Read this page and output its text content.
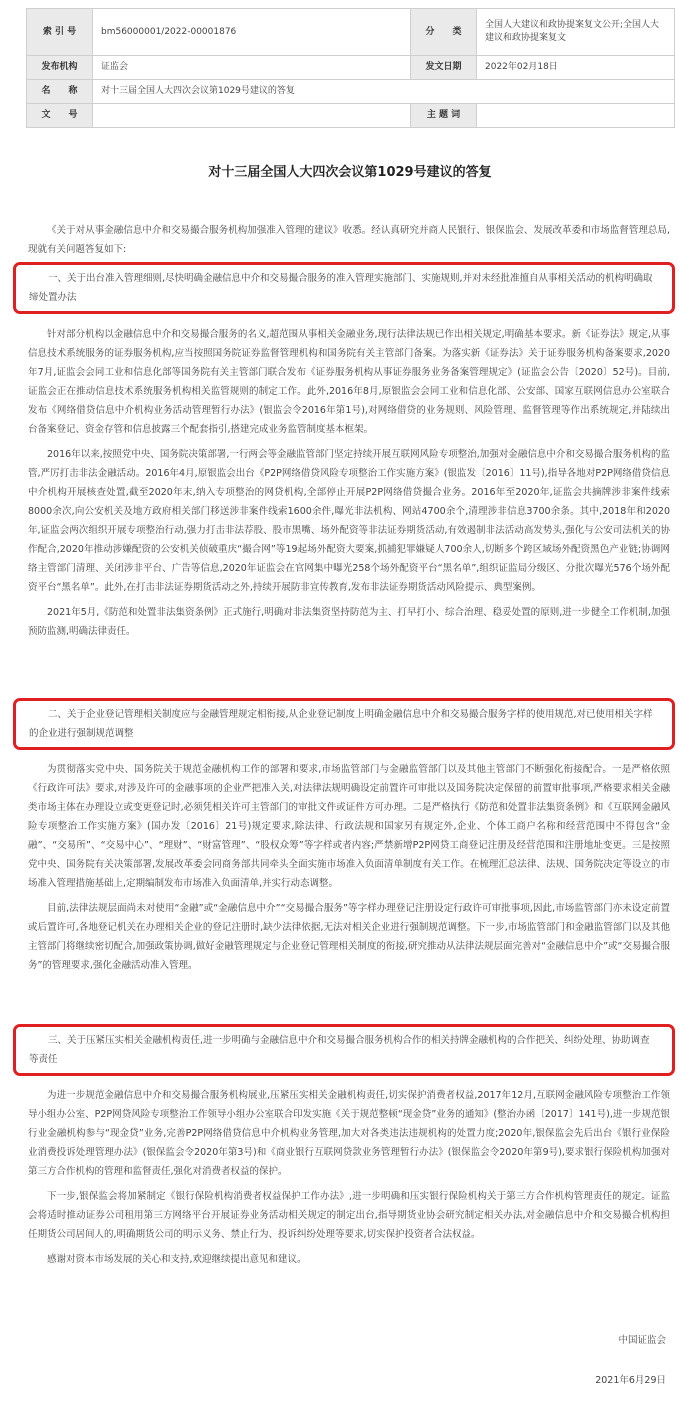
索 引 号	bm56000001/2022-00001876	分　　类	全国人大建议和政协提案复文公开;全国人大建议和政协提案复文
发布机构	证监会	发文日期	2022年02月18日
名　　称	对十三届全国人大四次会议第1029号建议的答复		
文　　号		主 题 词	
对十三届全国人大四次会议第1029号建议的答复

《关于对从事金融信息中介和交易撮合服务机构加强准入管理的建议》收悉。经认真研究并商人民银行、银保监会、发展改革委和市场监督管理总局,现就有关问题答复如下:

一、关于出台准入管理细则,尽快明确金融信息中介和交易撮合服务的准入管理实施部门、实施规则,并对未经批准擅自从事相关活动的机构明确取缔处置办法

针对部分机构以金融信息中介和交易撮合服务的名义,超范围从事相关金融业务,现行法律法规已作出相关规定,明确基本要求。新《证券法》规定,从事信息技术系统服务的证券服务机构,应当按照国务院证券监督管理机构和国务院有关主管部门备案。为落实新《证券法》关于证券服务机构备案要求,2020年7月,证监会会同工业和信息化部等国务院有关主管部门联合发布《证券服务机构从事证券服务业务备案管理规定》(证监会公告〔2020〕52号)。目前,证监会正在推动信息技术系统服务机构相关监管规则的制定工作。此外,2016年8月,原银监会会同工业和信息化部、公安部、国家互联网信息办公室联合发布《网络借贷信息中介机构业务活动管理暂行办法》(银监会令2016年第1号),对网络借贷的业务规则、风险管理、监督管理等作出系统规定,并陆续出台备案登记、资金存管和信息披露三个配套指引,搭建完成业务监管制度基本框架。

2016年以来,按照党中央、国务院决策部署,一行两会等金融监管部门坚定持续开展互联网风险专项整治,加强对金融信息中介和交易撮合服务机构的监管,严厉打击非法金融活动。2016年4月,原银监会出台《P2P网络借贷风险专项整治工作实施方案》(银监发〔2016〕11号),指导各地对P2P网络借贷信息中介机构开展核查处置,截至2020年末,纳入专项整治的网贷机构,全部停止开展P2P网络借贷撮合业务。2016年至2020年,证监会共摘牌涉非案件线索8000余次,向公安机关及地方政府相关部门移送涉非案件线索1600余件,曝光非法机构、网站4700余个,清理涉非信息3700余条。其中,2018年和2020年,证监会两次组织开展专项整治行动,强力打击非法荐股、股市黑嘴、场外配资等非法证券期货活动,有效遏制非法活动高发势头,强化与公安司法机关的协作配合,2020年推动涉嫌配资的公安机关侦破重庆“撮合网”等19起场外配资大要案,抓捕犯罪嫌疑人700余人,切断多个跨区域场外配资黑色产业链;协调网络主管部门清理、关闭涉非平台、广告等信息,2020年证监会在官网集中曝光258个场外配资平台“黑名单”,组织证监局分级区、分批次曝光576个场外配资平台“黑名单”。此外,在打击非法证券期货活动之外,持续开展防非宣传教育,发布非法证券期货活动风险提示、典型案例。

2021年5月,《防范和处置非法集资条例》正式施行,明确对非法集资坚持防范为主、打早打小、综合治理、稳妥处置的原则,进一步健全工作机制,加强预防监测,明确法律责任。

二、关于企业登记管理相关制度应与金融管理规定相衔接,从企业登记制度上明确金融信息中介和交易撮合服务字样的使用规范,对已使用相关字样的企业进行强制规范调整

为贯彻落实党中央、国务院关于规范金融机构工作的部署和要求,市场监管部门与金融监管部门以及其他主管部门不断强化衔接配合。一是严格依照《行政许可法》要求,对涉及许可的金融事项的企业严把准入关,对法律法规明确设定前置许可审批以及国务院决定保留的前置审批事项,严格要求相关金融类市场主体在办理设立或变更登记时,必须凭相关许可主管部门的审批文件或证件方可办理。二是严格执行《防范和处置非法集资条例》和《互联网金融风险专项整治工作实施方案》(国办发〔2016〕21号)规定要求,除法律、行政法规和国家另有规定外,企业、个体工商户名称和经营范围中不得包含“金融”、“交易所”、“交易中心”、“理财”、“财富管理”、“股权众筹”等字样或者内容;严禁新增P2P网贷工商登记注册及经营范围和注册地址变更。三是按照党中央、国务院有关决策部署,发展改革委会同商务部共同牵头全面实施市场准入负面清单制度有关工作。在梳理汇总法律、法规、国务院决定等设立的市场准入管理措施基础上,定期编制发布市场准入负面清单,并实行动态调整。

目前,法律法规层面尚未对使用“金融”或“金融信息中介”“交易撮合服务”等字样办理登记注册设定行政许可审批事项,因此,市场监管部门亦未设定前置或后置许可,各地登记机关在办理相关企业的登记注册时,缺少法律依据,无法对相关企业进行强制规范调整。下一步,市场监管部门和金融监管部门以及其他主管部门将继续密切配合,加强政策协调,做好金融管理规定与企业登记管理相关制度的衔接,研究推动从法律法规层面完善对“金融信息中介”或“交易撮合服务”的管理要求,强化金融活动准入管理。

三、关于压紧压实相关金融机构责任,进一步明确与金融信息中介和交易撮合服务机构合作的相关持牌金融机构的合作把关、纠纷处理、协助调查等责任

为进一步规范金融信息中介和交易撮合服务机构展业,压紧压实相关金融机构责任,切实保护消费者权益,2017年12月,互联网金融风险专项整治工作领导小组办公室、P2P网贷风险专项整治工作领导小组办公室联合印发实施《关于规范整顿“现金贷”业务的通知》(整治办函〔2017〕141号),进一步规范银行业金融机构参与“现金贷”业务,完善P2P网络借贷信息中介机构业务管理,加大对各类违法违规机构的处置力度;2020年,银保监会先后出台《银行业保险业消费投诉处理管理办法》(银保监会令2020年第3号)和《商业银行互联网贷款业务管理暂行办法》(银保监会令2020年第9号),要求银行保险机构加强对第三方合作机构的管理和监督责任,强化对消费者权益的保护。

下一步,银保监会将加紧制定《银行保险机构消费者权益保护工作办法》,进一步明确和压实银行保险机构关于第三方合作机构管理责任的规定。证监会将适时推动证券公司租用第三方网络平台开展证券业务活动相关规定的制定出台,指导期货业协会研究制定相关办法,对金融信息中介和交易撮合机构担任期货公司居间人的,明确期货公司的明示义务、禁止行为、投诉纠纷处理等要求,切实保护投资者合法权益。

感谢对资本市场发展的关心和支持,欢迎继续提出意见和建议。

中国证监会
2021年6月29日
